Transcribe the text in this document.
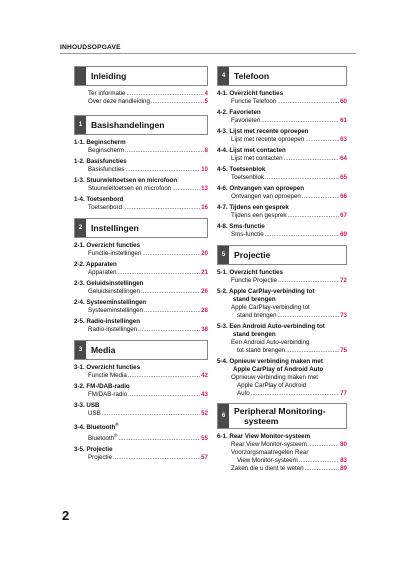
INHOUDSOPGAVE
Inleiding
Ter informatie .....	4
Over deze handleiding .....	5
1	Basishandelingen
1-1. Beginscherm
Beginscherm .....	8
1-2. Basisfuncties
Basisfuncties .....	10
1-3. Stuurwieltoetsen en microfoon
Stuurwieltoetsen en microfoon .....	13
1-4. Toetsenbord
Toetsenbord .....	16
2	Instellingen
2-1. Overzicht functies
Functie-instellingen .....	20
2-2. Apparaten
Apparaten .....	21
2-3. Geluidsinstellingen
Geluidsinstellingen .....	26
2-4. Systeeminstellingen
Systeeminstellingen .....	28
2-5. Radio-instellingen
Radio-instellingen .....	38
3	Media
3-1. Overzicht functies
Functie Media .....	42
3-2. FM-/DAB-radio
FM/DAB-radio .....	43
3-3. USB
USB .....	52
3-4. Bluetooth®
Bluetooth® .....	55
3-5. Projectie
Projectie .....	57
4	Telefoon
4-1. Overzicht functies
Functie Telefoon .....	60
4-2. Favorieten
Favorieten .....	61
4-3. Lijst met recente oproepen
Lijst met recente oproepen .....	63
4-4. Lijst met contacten
Lijst met contacten .....	64
4-5. Toetsenblok
Toetsenblok .....	65
4-6. Ontvangen van oproepen
Ontvangen van oproepen .....	66
4-7. Tijdens een gesprek
Tijdens een gesprek .....	67
4-8. Sms-functie
Sms-functie .....	69
5	Projectie
5-1. Overzicht functies
Functie Projectie .....	72
5-2. Apple CarPlay-verbinding tot
stand brengen
Apple CarPlay-verbinding tot
stand brengen .....	73
5-3. Een Android Auto-verbinding tot
stand brengen
Een Android Auto-verbinding
tot stand brengen .....	75
5-4. Opnieuw verbinding maken met
Apple CarPlay of Android Auto
Opnieuw verbinding maken met
Apple CarPlay of Android
Auto .....	77
6	Peripheral Monitoring-
systeem
6-1. Rear View Monitor-systeem
Rear View Monitor-systeem .....	80
Voorzorgsmaatregelen Rear
View Monitor-systeem .....	83
Zaken die u dient te weten .....	89
2
